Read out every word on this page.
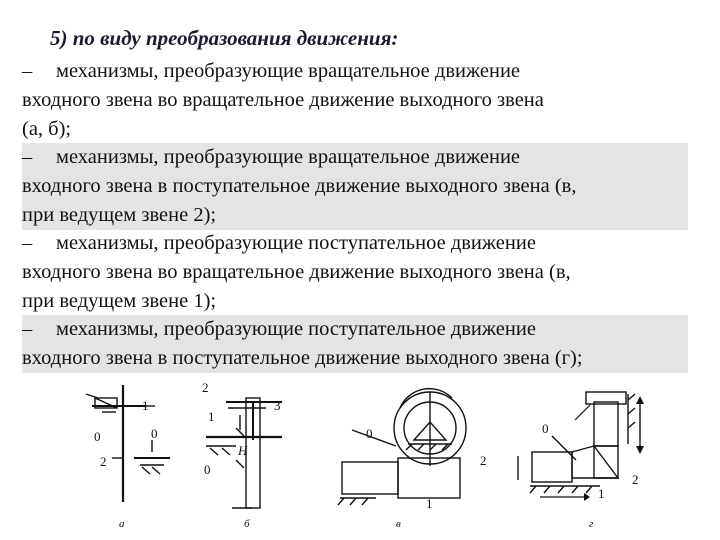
5) по виду преобразования движения:
– механизмы, преобразующие вращательное движение
входного звена во вращательное движение выходного звена
(а, б);
– механизмы, преобразующие вращательное движение
входного звена в поступательное движение выходного звена (в,
при ведущем звене 2);
– механизмы, преобразующие поступательное движение
входного звена во вращательное движение выходного звена (в,
при ведущем звене 1);
– механизмы, преобразующие поступательное движение
входного звена в поступательное движение выходного звена (г);
1
0	0
2
а
2
1
3
0
H
б
0
2
1
в
0
2
1
г
